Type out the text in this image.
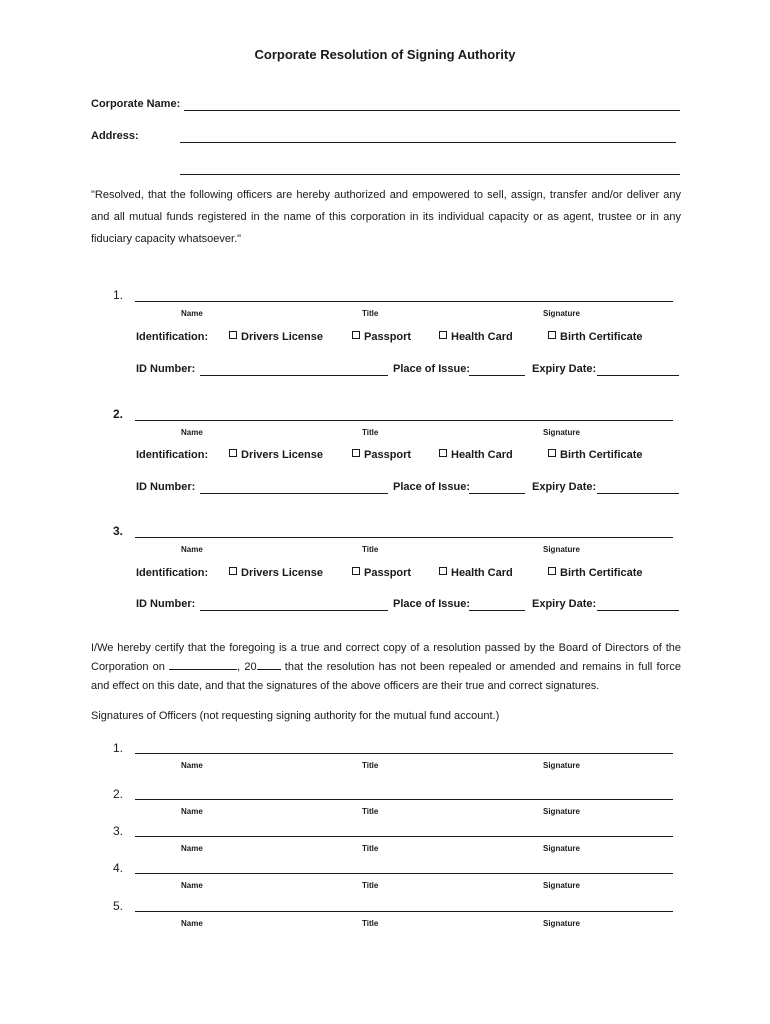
Corporate Resolution of Signing Authority
Corporate Name:
Address:
"Resolved, that the following officers are hereby authorized and empowered to sell, assign, transfer and/or deliver any and all mutual funds registered in the name of this corporation in its individual capacity or as agent, trustee or in any fiduciary capacity whatsoever."
1.
Name	Title	Signature
Identification:	Drivers License	Passport	Health Card	Birth Certificate
ID Number:	Place of Issue:	Expiry Date:
2.
Name	Title	Signature
Identification:	Drivers License	Passport	Health Card	Birth Certificate
ID Number:	Place of Issue:	Expiry Date:
3.
Name	Title	Signature
Identification:	Drivers License	Passport	Health Card	Birth Certificate
ID Number:	Place of Issue:	Expiry Date:
I/We hereby certify that the foregoing is a true and correct copy of a resolution passed by the Board of Directors of the Corporation on	, 20	that the resolution has not been repealed or amended and remains in full force and effect on this date, and that the signatures of the above officers are their true and correct signatures.
Signatures of Officers (not requesting signing authority for the mutual fund account.)
1.
Name	Title	Signature
2.
Name	Title	Signature
3.
Name	Title	Signature
4.
Name	Title	Signature
5.
Name	Title	Signature
